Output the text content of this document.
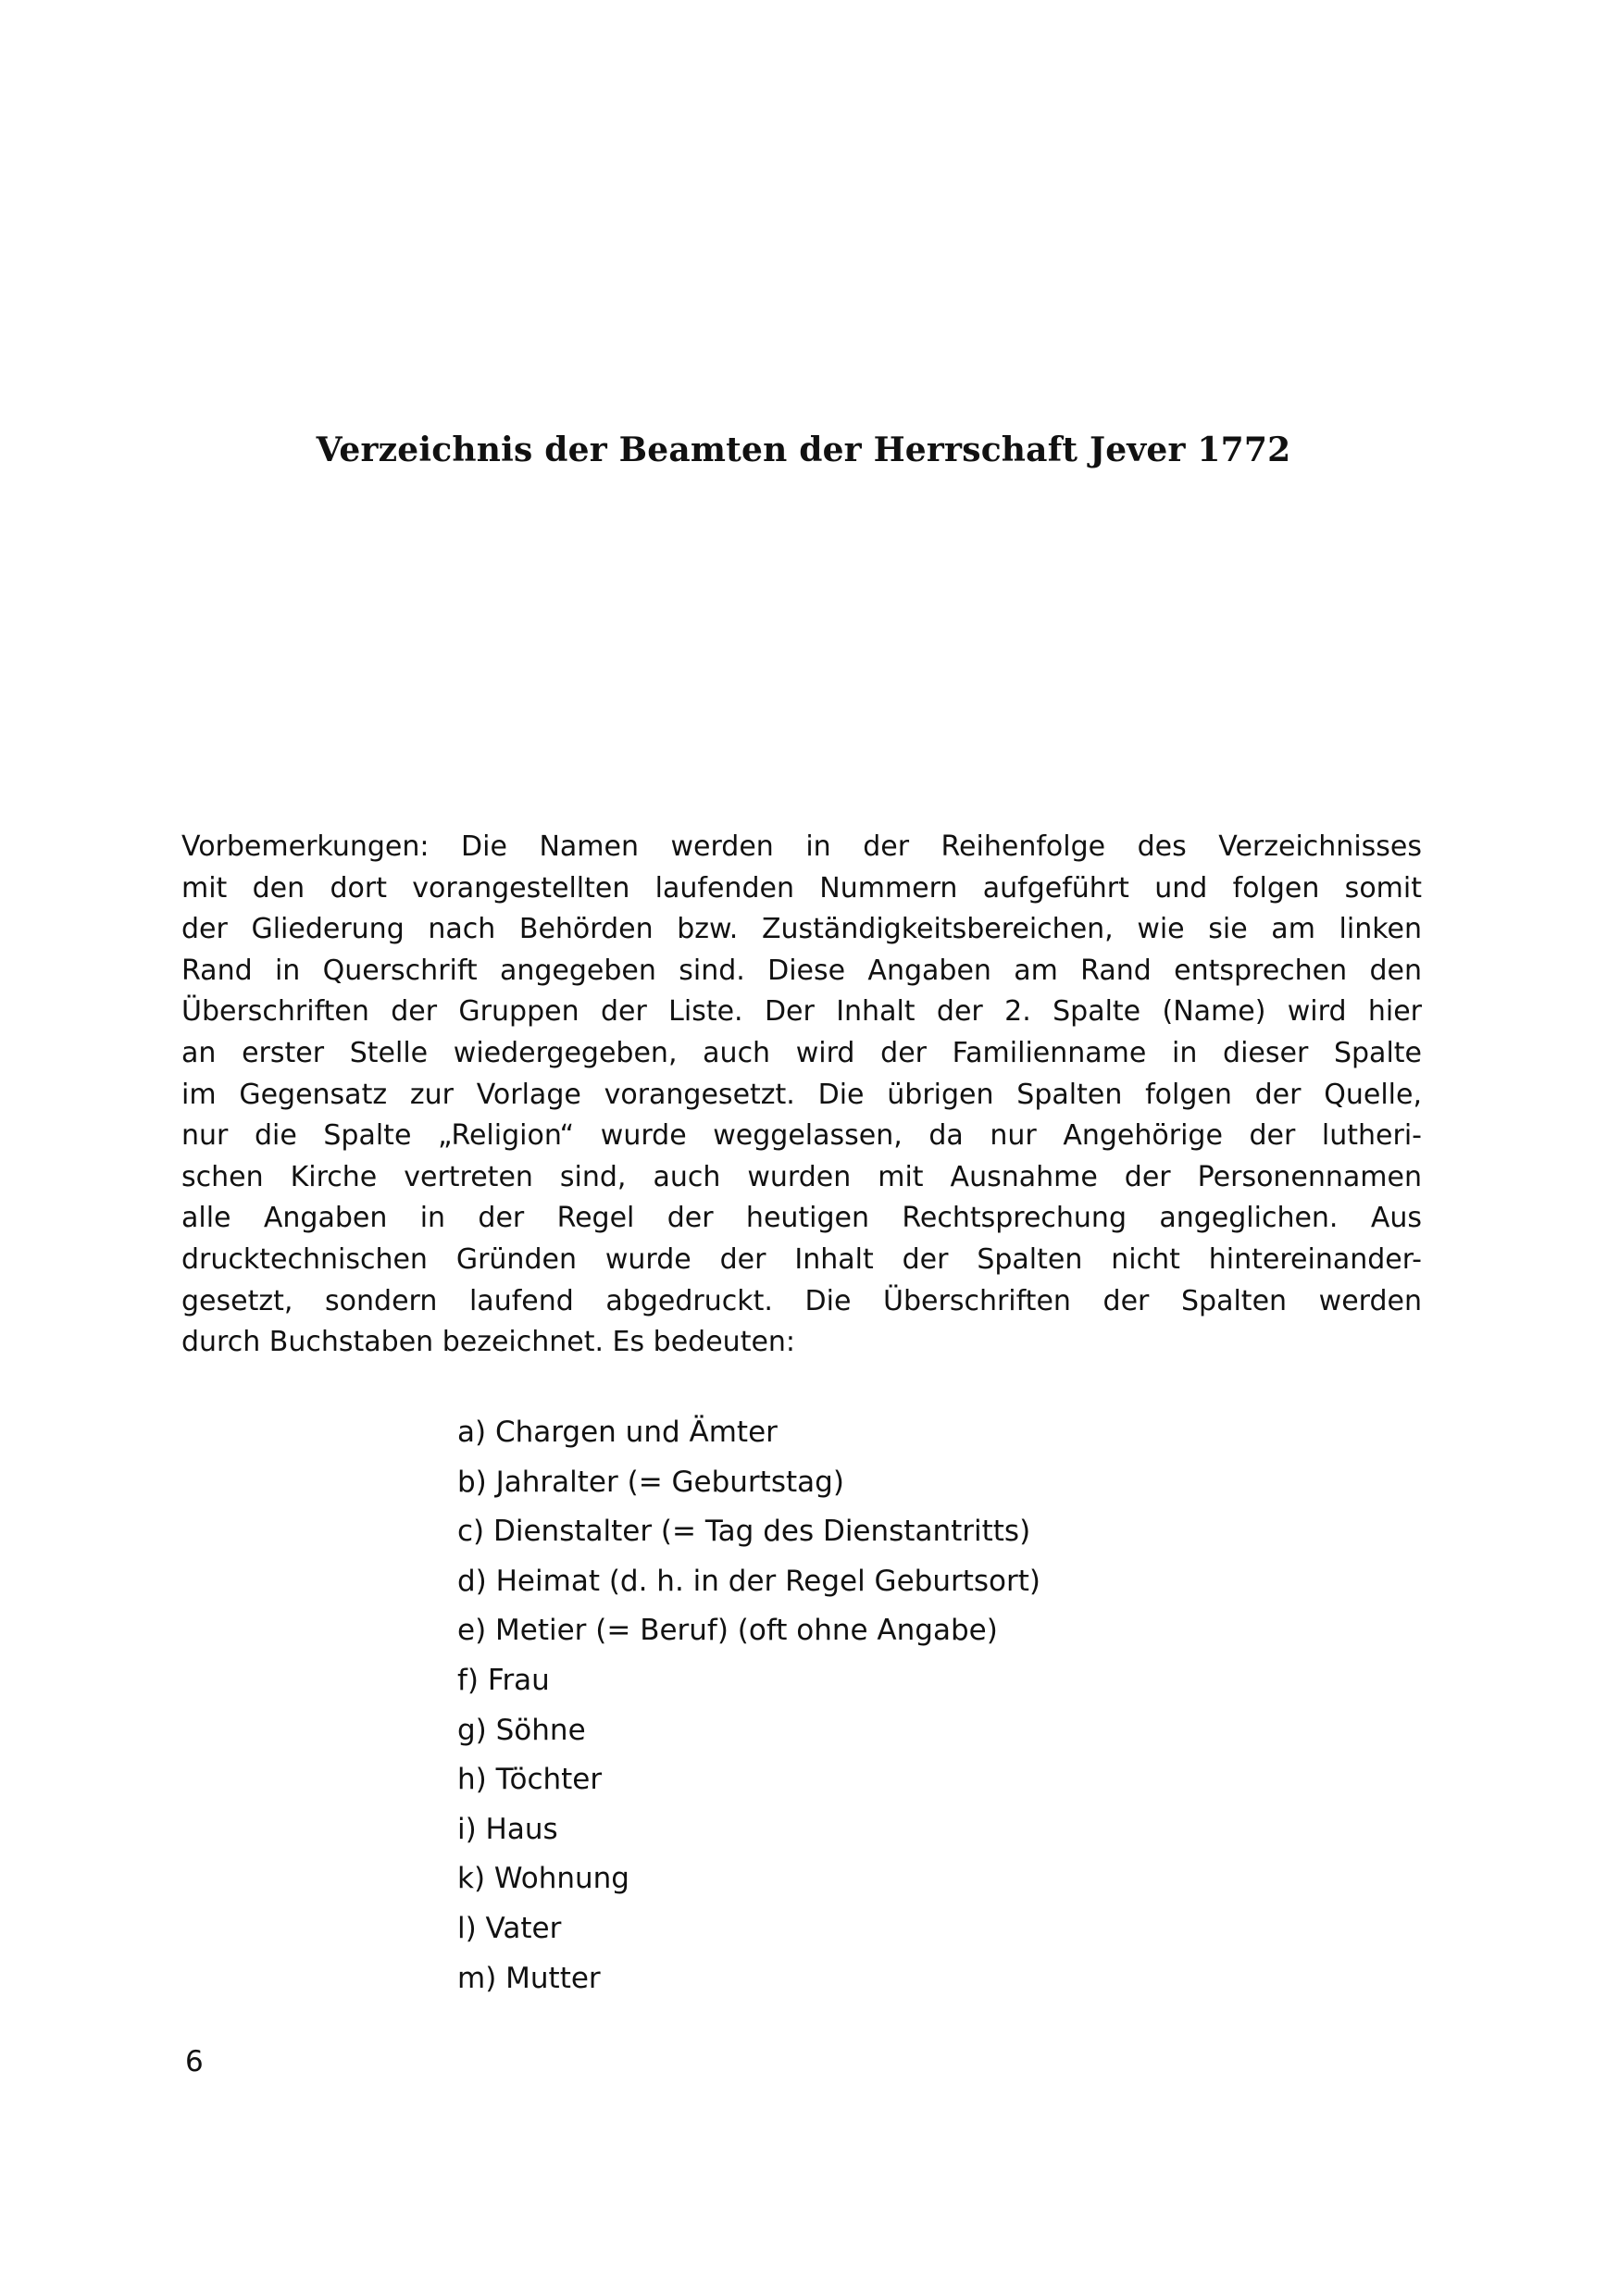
Verzeichnis der Beamten der Herrschaft Jever 1772
Vorbemerkungen: Die Namen werden in der Reihenfolge des Verzeichnisses
mit den dort vorangestellten laufenden Nummern aufgeführt und folgen somit
der Gliederung nach Behörden bzw. Zuständigkeitsbereichen, wie sie am linken
Rand in Querschrift angegeben sind. Diese Angaben am Rand entsprechen den
Überschriften der Gruppen der Liste. Der Inhalt der 2. Spalte (Name) wird hier
an erster Stelle wiedergegeben, auch wird der Familienname in dieser Spalte
im Gegensatz zur Vorlage vorangesetzt. Die übrigen Spalten folgen der Quelle,
nur die Spalte „Religion“ wurde weggelassen, da nur Angehörige der lutheri-
schen Kirche vertreten sind, auch wurden mit Ausnahme der Personennamen
alle Angaben in der Regel der heutigen Rechtsprechung angeglichen. Aus
drucktechnischen Gründen wurde der Inhalt der Spalten nicht hintereinander-
gesetzt, sondern laufend abgedruckt. Die Überschriften der Spalten werden
durch Buchstaben bezeichnet. Es bedeuten:
a) Chargen und Ämter
b) Jahralter (= Geburtstag)
c) Dienstalter (= Tag des Dienstantritts)
d) Heimat (d. h. in der Regel Geburtsort)
e) Metier (= Beruf) (oft ohne Angabe)
f) Frau
g) Söhne
h) Töchter
i) Haus
k) Wohnung
l) Vater
m) Mutter
6
